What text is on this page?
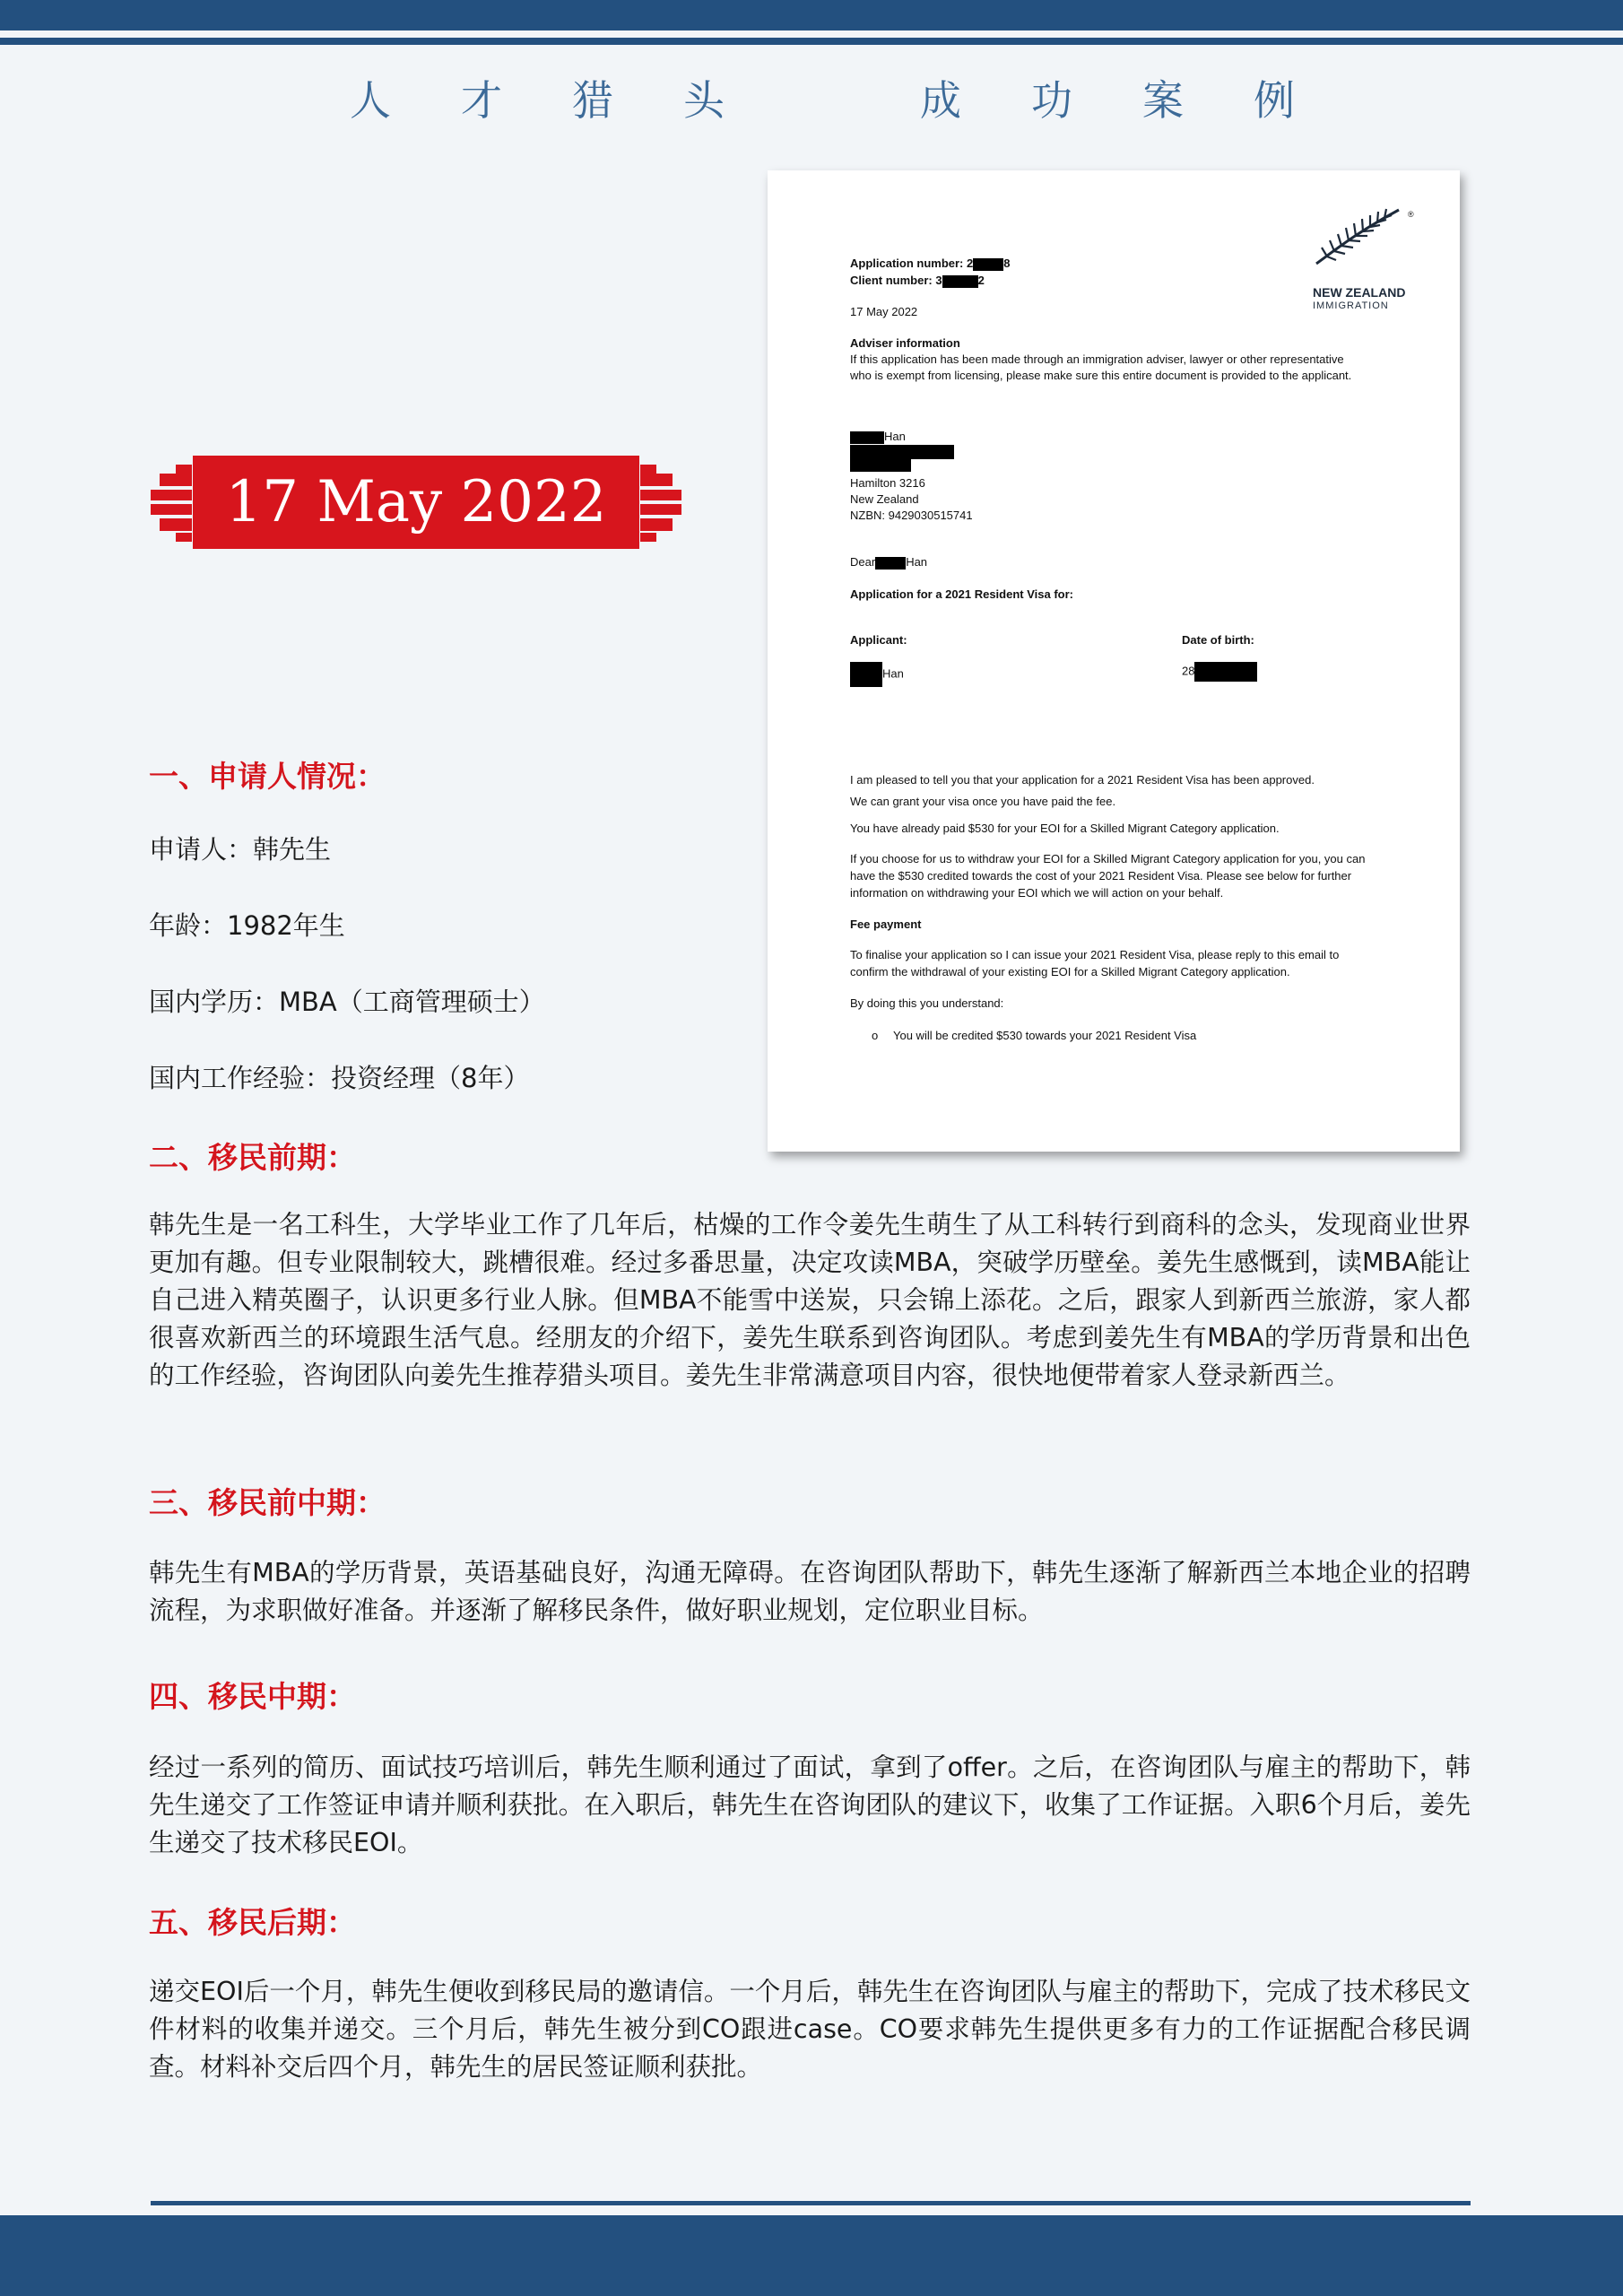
人才猎头	成功案例
17 May 2022
®
NEW ZEALAND
IMMIGRATION
Application number: 2	8
Client number: 3	2
17 May 2022
Adviser information
If this application has been made through an immigration adviser, lawyer or other representative
who is exempt from licensing, please make sure this entire document is provided to the applicant.
Han
Hamilton 3216
New Zealand
NZBN: 9429030515741
Dear	Han
Application for a 2021 Resident Visa for:
Applicant:	Date of birth:
Han	28
I am pleased to tell you that your application for a 2021 Resident Visa has been approved.
We can grant your visa once you have paid the fee.
You have already paid $530 for your EOI for a Skilled Migrant Category application.
If you choose for us to withdraw your EOI for a Skilled Migrant Category application for you, you can
have the $530 credited towards the cost of your 2021 Resident Visa. Please see below for further
information on withdrawing your EOI which we will action on your behalf.
Fee payment
To finalise your application so I can issue your 2021 Resident Visa, please reply to this email to
confirm the withdrawal of your existing EOI for a Skilled Migrant Category application.
By doing this you understand:
o You will be credited $530 towards your 2021 Resident Visa
一、申请人情况：
申请人：韩先生
年龄：1982年生
国内学历：MBA（工商管理硕士）
国内工作经验：投资经理（8年）
二、移民前期：
韩先生是一名工科生，大学毕业工作了几年后，枯燥的工作令姜先生萌生了从工科转行到商科的念头，发现商业世界更加有趣。但专业限制较大，跳槽很难。经过多番思量，决定攻读MBA，突破学历壁垒。姜先生感慨到，读MBA能让自己进入精英圈子，认识更多行业人脉。但MBA不能雪中送炭，只会锦上添花。之后，跟家人到新西兰旅游，家人都很喜欢新西兰的环境跟生活气息。经朋友的介绍下，姜先生联系到咨询团队。考虑到姜先生有MBA的学历背景和出色的工作经验，咨询团队向姜先生推荐猎头项目。姜先生非常满意项目内容，很快地便带着家人登录新西兰。
三、移民前中期：
韩先生有MBA的学历背景，英语基础良好，沟通无障碍。在咨询团队帮助下，韩先生逐渐了解新西兰本地企业的招聘流程，为求职做好准备。并逐渐了解移民条件，做好职业规划，定位职业目标。
四、移民中期：
经过一系列的简历、面试技巧培训后，韩先生顺利通过了面试，拿到了offer。之后，在咨询团队与雇主的帮助下，韩先生递交了工作签证申请并顺利获批。在入职后，韩先生在咨询团队的建议下，收集了工作证据。入职6个月后，姜先生递交了技术移民EOI。
五、移民后期：
递交EOI后一个月，韩先生便收到移民局的邀请信。一个月后，韩先生在咨询团队与雇主的帮助下，完成了技术移民文件材料的收集并递交。三个月后，韩先生被分到CO跟进case。CO要求韩先生提供更多有力的工作证据配合移民调查。材料补交后四个月，韩先生的居民签证顺利获批。
